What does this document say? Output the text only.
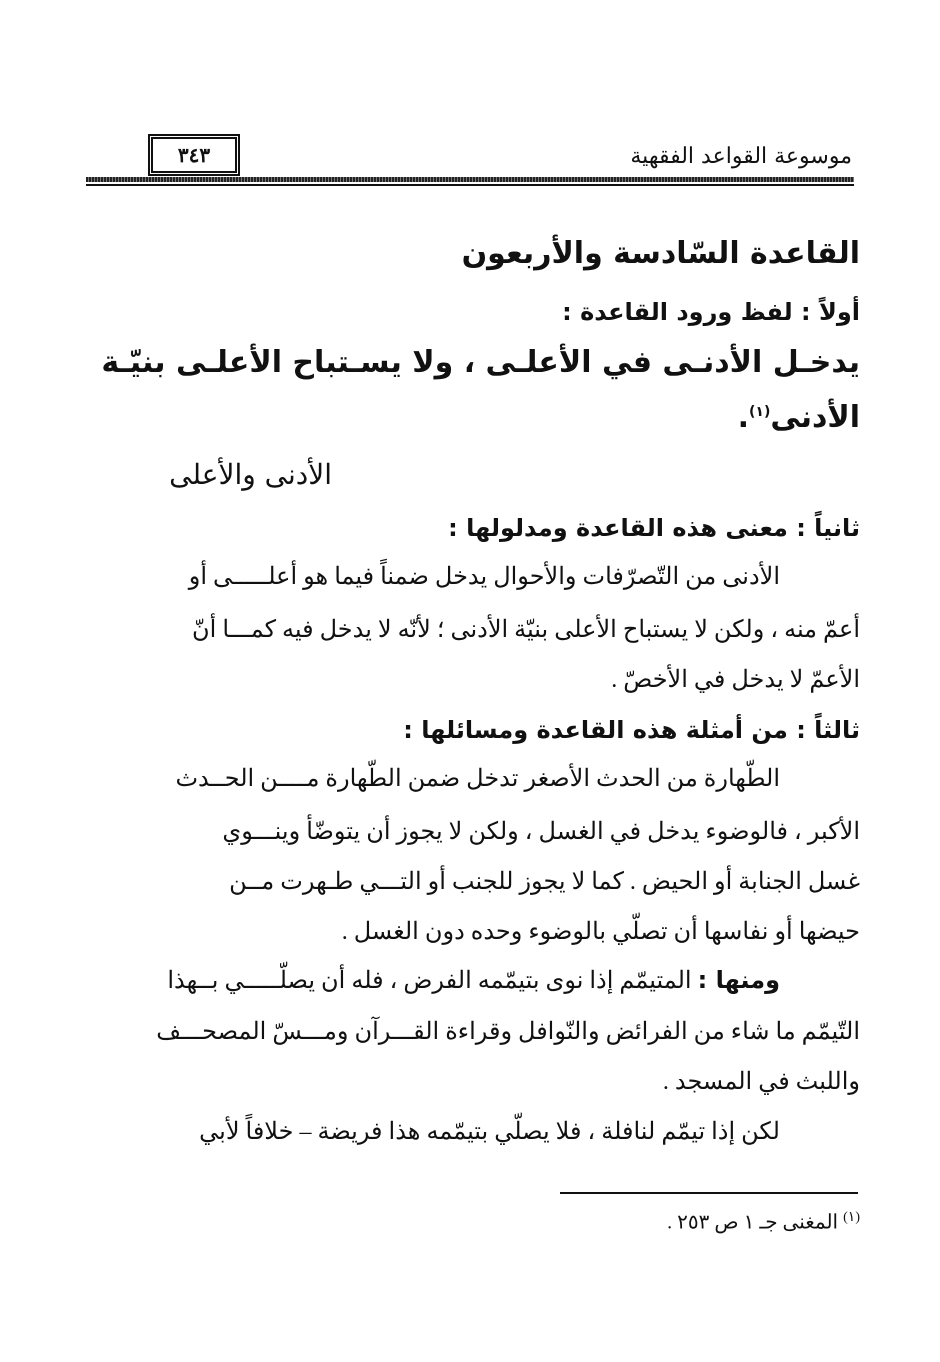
موسوعة القواعد الفقهية
٣٤٣
القاعدة السّادسة والأربعون
أولاً : لفظ ورود القاعدة :
يدخـل الأدنـى في الأعلـى ، ولا يسـتباح الأعلـى بنيّـة
الأدنى$^{(١)}$.
الأدنى والأعلى
ثانياً : معنى هذه القاعدة ومدلولها :
الأدنى من التّصرّفات والأحوال يدخل ضمناً فيما هو أعلـــــى أو
أعمّ منه ، ولكن لا يستباح الأعلى بنيّة الأدنى ؛ لأنّه لا يدخل فيه كمـــا أنّ
الأعمّ لا يدخل في الأخصّ .
ثالثاً : من أمثلة هذه القاعدة ومسائلها :
الطّهارة من الحدث الأصغر تدخل ضمن الطّهارة مــــن الحــدث
الأكبر ، فالوضوء يدخل في الغسل ، ولكن لا يجوز أن يتوضّأ وينـــوي
غسل الجنابة أو الحيض . كما لا يجوز للجنب أو التـــي طـهرت مــن
حيضها أو نفاسها أن تصلّي بالوضوء وحده دون الغسل .
ومنها : المتيمّم إذا نوى بتيمّمه الفرض ، فله أن يصلّـــــي بــهذا
التّيمّم ما شاء من الفرائض والنّوافل وقراءة القـــرآن ومـــسّ المصحـــف
واللبث في المسجد .
لكن إذا تيمّم لنافلة ، فلا يصلّي بتيمّمه هذا فريضة – خلافاً لأبي
$^{(١)}$ المغنى جـ ١ ص ٢٥٣ .
